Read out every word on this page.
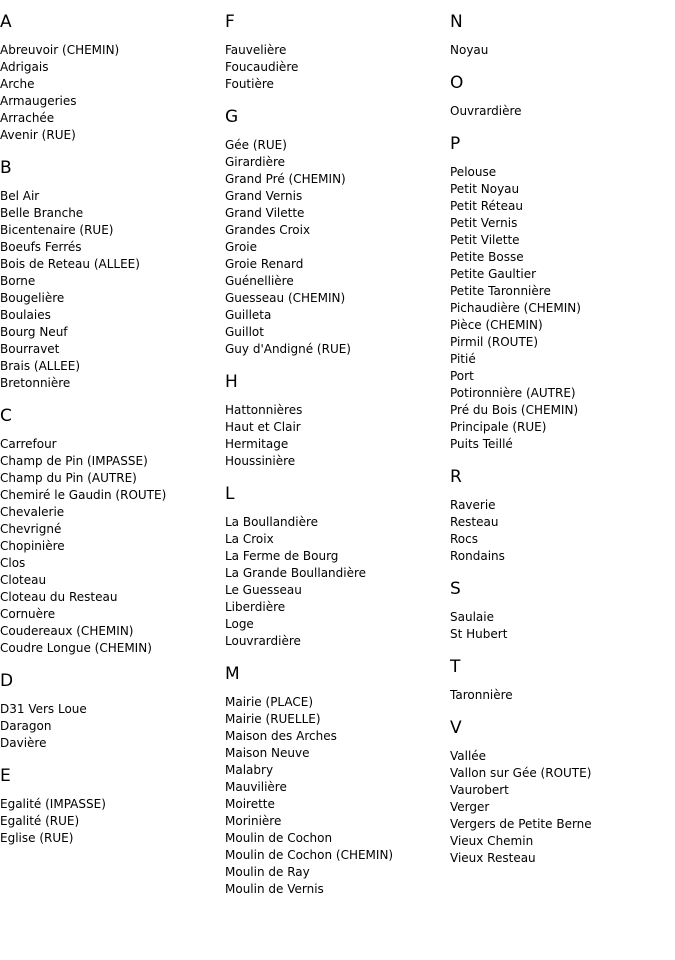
A
Abreuvoir (CHEMIN)
Adrigais
Arche
Armaugeries
Arrachée
Avenir (RUE)
B
Bel Air
Belle Branche
Bicentenaire (RUE)
Boeufs Ferrés
Bois de Reteau (ALLEE)
Borne
Bougelière
Boulaies
Bourg Neuf
Bourravet
Brais (ALLEE)
Bretonnière
C
Carrefour
Champ de Pin (IMPASSE)
Champ du Pin (AUTRE)
Chemiré le Gaudin (ROUTE)
Chevalerie
Chevrigné
Chopinière
Clos
Cloteau
Cloteau du Resteau
Cornuère
Coudereaux (CHEMIN)
Coudre Longue (CHEMIN)
D
D31 Vers Loue
Daragon
Davière
E
Egalité (IMPASSE)
Egalité (RUE)
Eglise (RUE)
F
Fauvelière
Foucaudière
Foutière
G
Gée (RUE)
Girardière
Grand Pré (CHEMIN)
Grand Vernis
Grand Vilette
Grandes Croix
Groie
Groie Renard
Guénellière
Guesseau (CHEMIN)
Guilleta
Guillot
Guy d'Andigné (RUE)
H
Hattonnières
Haut et Clair
Hermitage
Houssinière
L
La Boullandière
La Croix
La Ferme de Bourg
La Grande Boullandière
Le Guesseau
Liberdière
Loge
Louvrardière
M
Mairie (PLACE)
Mairie (RUELLE)
Maison des Arches
Maison Neuve
Malabry
Mauvilière
Moirette
Morinière
Moulin de Cochon
Moulin de Cochon (CHEMIN)
Moulin de Ray
Moulin de Vernis
N
Noyau
O
Ouvrardière
P
Pelouse
Petit Noyau
Petit Réteau
Petit Vernis
Petit Vilette
Petite Bosse
Petite Gaultier
Petite Taronnière
Pichaudière (CHEMIN)
Pièce (CHEMIN)
Pirmil (ROUTE)
Pitié
Port
Potironnière (AUTRE)
Pré du Bois (CHEMIN)
Principale (RUE)
Puits Teillé
R
Raverie
Resteau
Rocs
Rondains
S
Saulaie
St Hubert
T
Taronnière
V
Vallée
Vallon sur Gée (ROUTE)
Vaurobert
Verger
Vergers de Petite Berne
Vieux Chemin
Vieux Resteau
